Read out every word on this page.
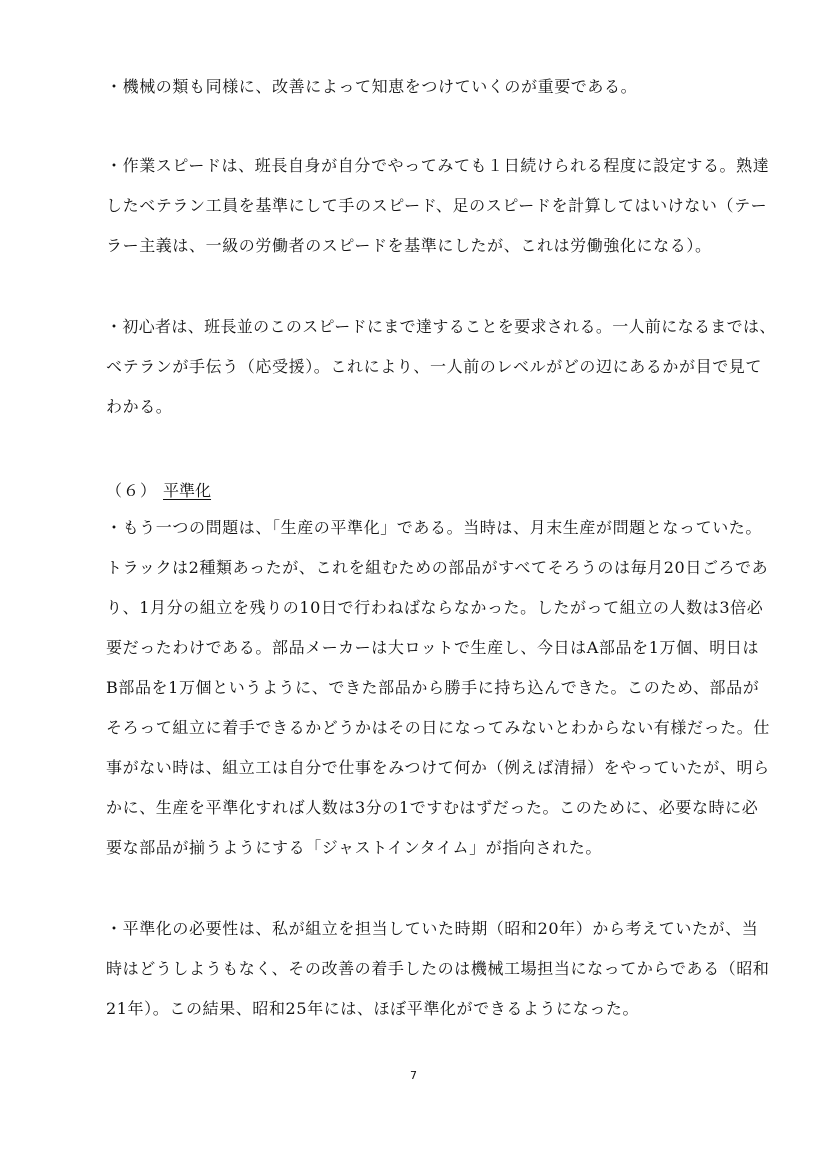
・機械の類も同様に、改善によって知恵をつけていくのが重要である。
・作業スピードは、班長自身が自分でやってみても１日続けられる程度に設定する。熟達
したベテラン工員を基準にして手のスピード、足のスピードを計算してはいけない（テー
ラー主義は、一級の労働者のスピードを基準にしたが、これは労働強化になる）。
・初心者は、班長並のこのスピードにまで達することを要求される。一人前になるまでは、
ベテランが手伝う（応受援）。これにより、一人前のレベルがどの辺にあるかが目で見て
わかる。
（６） 平準化
・もう一つの問題は、「生産の平準化」である。当時は、月末生産が問題となっていた。
トラックは2種類あったが、これを組むための部品がすべてそろうのは毎月20日ごろであ
り、1月分の組立を残りの10日で行わねばならなかった。したがって組立の人数は3倍必
要だったわけである。部品メーカーは大ロットで生産し、今日はA部品を1万個、明日は
B部品を1万個というように、できた部品から勝手に持ち込んできた。このため、部品が
そろって組立に着手できるかどうかはその日になってみないとわからない有様だった。仕
事がない時は、組立工は自分で仕事をみつけて何か（例えば清掃）をやっていたが、明ら
かに、生産を平準化すれば人数は3分の1ですむはずだった。このために、必要な時に必
要な部品が揃うようにする「ジャストインタイム」が指向された。
・平準化の必要性は、私が組立を担当していた時期（昭和20年）から考えていたが、当
時はどうしようもなく、その改善の着手したのは機械工場担当になってからである（昭和
21年）。この結果、昭和25年には、ほぼ平準化ができるようになった。
7
